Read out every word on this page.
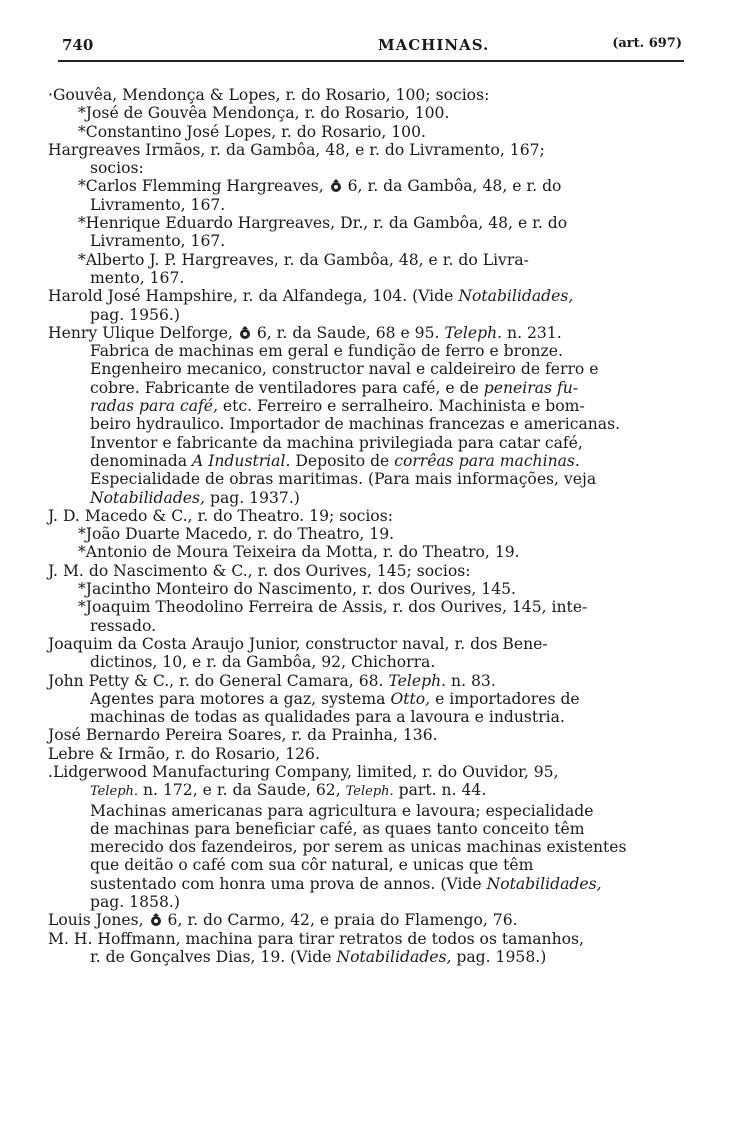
740	MACHINAS.	(art. 697)
·Gouvêa, Mendonça & Lopes, r. do Rosario, 100; socios:
*José de Gouvêa Mendonça, r. do Rosario, 100.
*Constantino José Lopes, r. do Rosario, 100.
Hargreaves Irmãos, r. da Gambôa, 48, e r. do Livramento, 167;
socios:
*Carlos Flemming Hargreaves,  6, r. da Gambôa, 48, e r. do
Livramento, 167.
*Henrique Eduardo Hargreaves, Dr., r. da Gambôa, 48, e r. do
Livramento, 167.
*Alberto J. P. Hargreaves, r. da Gambôa, 48, e r. do Livra-
mento, 167.
Harold José Hampshire, r. da Alfandega, 104. (Vide Notabilidades,
pag. 1956.)
Henry Ulique Delforge,  6, r. da Saude, 68 e 95. Teleph. n. 231.
Fabrica de machinas em geral e fundição de ferro e bronze.
Engenheiro mecanico, constructor naval e caldeireiro de ferro e
cobre. Fabricante de ventiladores para café, e de peneiras fu-
radas para café, etc. Ferreiro e serralheiro. Machinista e bom-
beiro hydraulico. Importador de machinas francezas e americanas.
Inventor e fabricante da machina privilegiada para catar café,
denominada A Industrial. Deposito de corrêas para machinas.
Especialidade de obras maritimas. (Para mais informações, veja
Notabilidades, pag. 1937.)
J. D. Macedo & C., r. do Theatro. 19; socios:
*João Duarte Macedo, r. do Theatro, 19.
*Antonio de Moura Teixeira da Motta, r. do Theatro, 19.
J. M. do Nascimento & C., r. dos Ourives, 145; socios:
*Jacintho Monteiro do Nascimento, r. dos Ourives, 145.
*Joaquim Theodolino Ferreira de Assis, r. dos Ourives, 145, inte-
ressado.
Joaquim da Costa Araujo Junior, constructor naval, r. dos Bene-
dictinos, 10, e r. da Gambôa, 92, Chichorra.
John Petty & C., r. do General Camara, 68. Teleph. n. 83.
Agentes para motores a gaz, systema Otto, e importadores de
machinas de todas as qualidades para a lavoura e industria.
José Bernardo Pereira Soares, r. da Prainha, 136.
Lebre & Irmão, r. do Rosario, 126.
.Lidgerwood Manufacturing Company, limited, r. do Ouvidor, 95,
Teleph. n. 172, e r. da Saude, 62, Teleph. part. n. 44.
Machinas americanas para agricultura e lavoura; especialidade
de machinas para beneficiar café, as quaes tanto conceito têm
merecido dos fazendeiros, por serem as unicas machinas existentes
que deitão o café com sua côr natural, e unicas que têm
sustentado com honra uma prova de annos. (Vide Notabilidades,
pag. 1858.)
Louis Jones,  6, r. do Carmo, 42, e praia do Flamengo, 76.
M. H. Hoffmann, machina para tirar retratos de todos os tamanhos,
r. de Gonçalves Dias, 19. (Vide Notabilidades, pag. 1958.)
